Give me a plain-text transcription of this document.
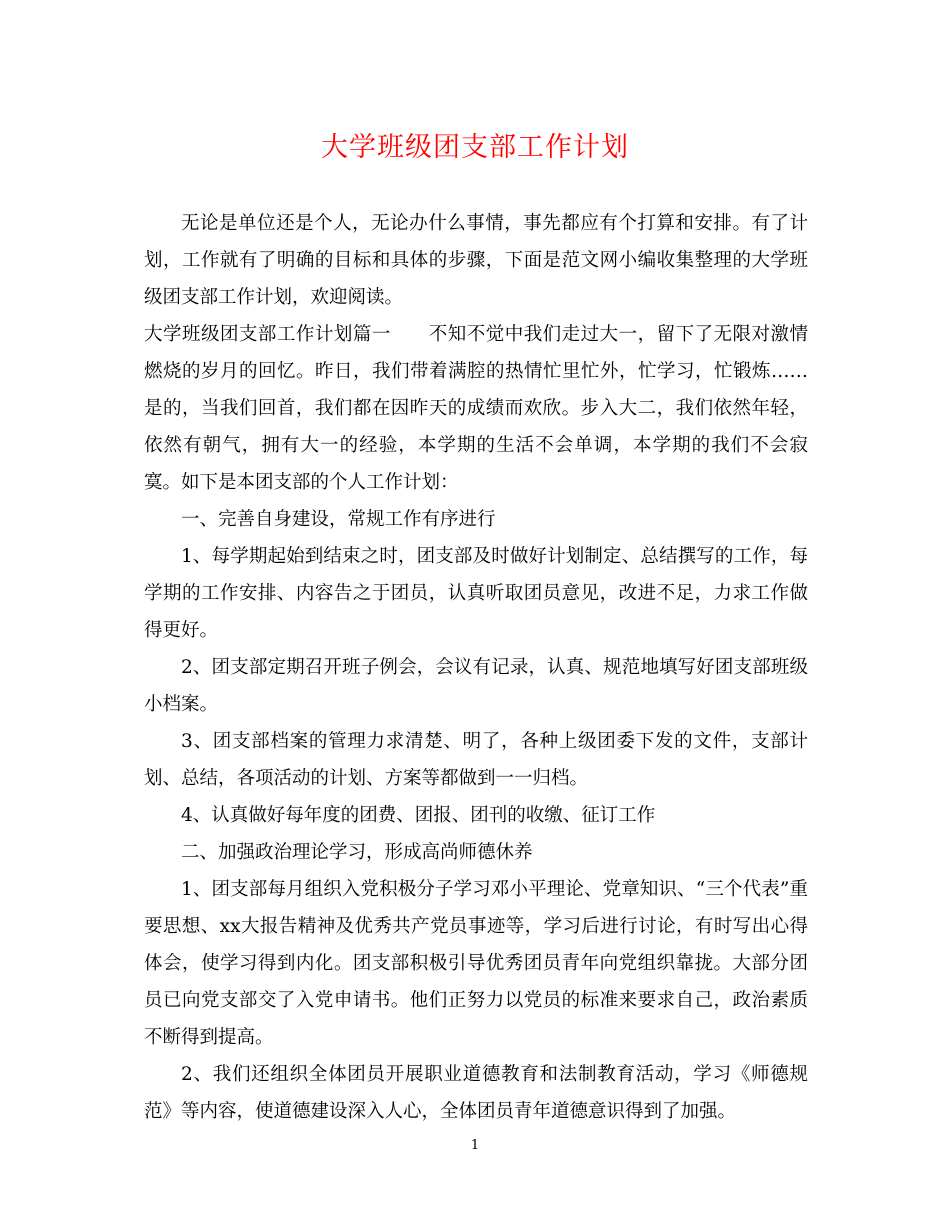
大学班级团支部工作计划

无论是单位还是个人，无论办什么事情，事先都应有个打算和安排。有了计划，工作就有了明确的目标和具体的步骤，下面是范文网小编收集整理的大学班级团支部工作计划，欢迎阅读。

大学班级团支部工作计划篇一　　不知不觉中我们走过大一，留下了无限对激情燃烧的岁月的回忆。昨日，我们带着满腔的热情忙里忙外，忙学习，忙锻炼……是的，当我们回首，我们都在因昨天的成绩而欢欣。步入大二，我们依然年轻，依然有朝气，拥有大一的经验，本学期的生活不会单调，本学期的我们不会寂寞。如下是本团支部的个人工作计划：

一、完善自身建设，常规工作有序进行

1、每学期起始到结束之时，团支部及时做好计划制定、总结撰写的工作，每学期的工作安排、内容告之于团员，认真听取团员意见，改进不足，力求工作做得更好。

2、团支部定期召开班子例会，会议有记录，认真、规范地填写好团支部班级小档案。

3、团支部档案的管理力求清楚、明了，各种上级团委下发的文件，支部计划、总结，各项活动的计划、方案等都做到一一归档。

4、认真做好每年度的团费、团报、团刊的收缴、征订工作

二、加强政治理论学习，形成高尚师德休养

1、团支部每月组织入党积极分子学习邓小平理论、党章知识、“三个代表”重要思想、xx大报告精神及优秀共产党员事迹等，学习后进行讨论，有时写出心得体会，使学习得到内化。团支部积极引导优秀团员青年向党组织靠拢。大部分团员已向党支部交了入党申请书。他们正努力以党员的标准来要求自己，政治素质不断得到提高。

2、我们还组织全体团员开展职业道德教育和法制教育活动，学习《师德规范》等内容，使道德建设深入人心，全体团员青年道德意识得到了加强。

1
